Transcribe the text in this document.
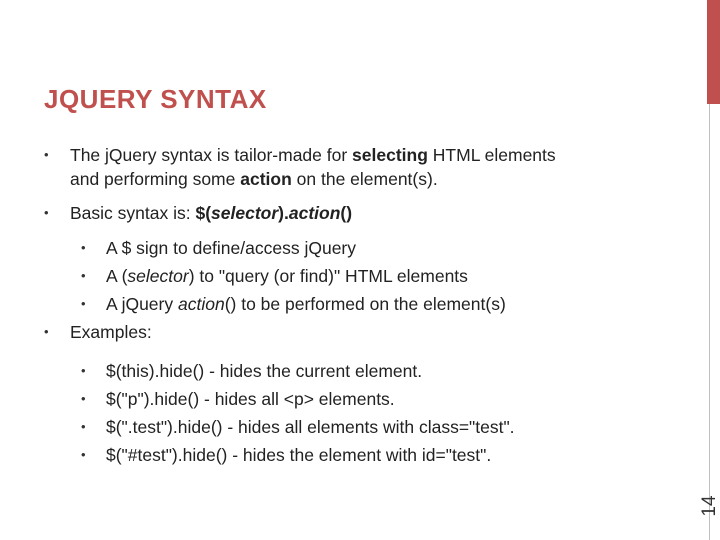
JQUERY SYNTAX
• The jQuery syntax is tailor-made for selecting HTML elements
and performing some action on the element(s).
• Basic syntax is: $(selector).action()
• A $ sign to define/access jQuery
• A (selector) to "query (or find)" HTML elements
• A jQuery action() to be performed on the element(s)
• Examples:
• $(this).hide() - hides the current element.
• $("p").hide() - hides all <p> elements.
• $(".test").hide() - hides all elements with class="test".
• $("#test").hide() - hides the element with id="test".
14
